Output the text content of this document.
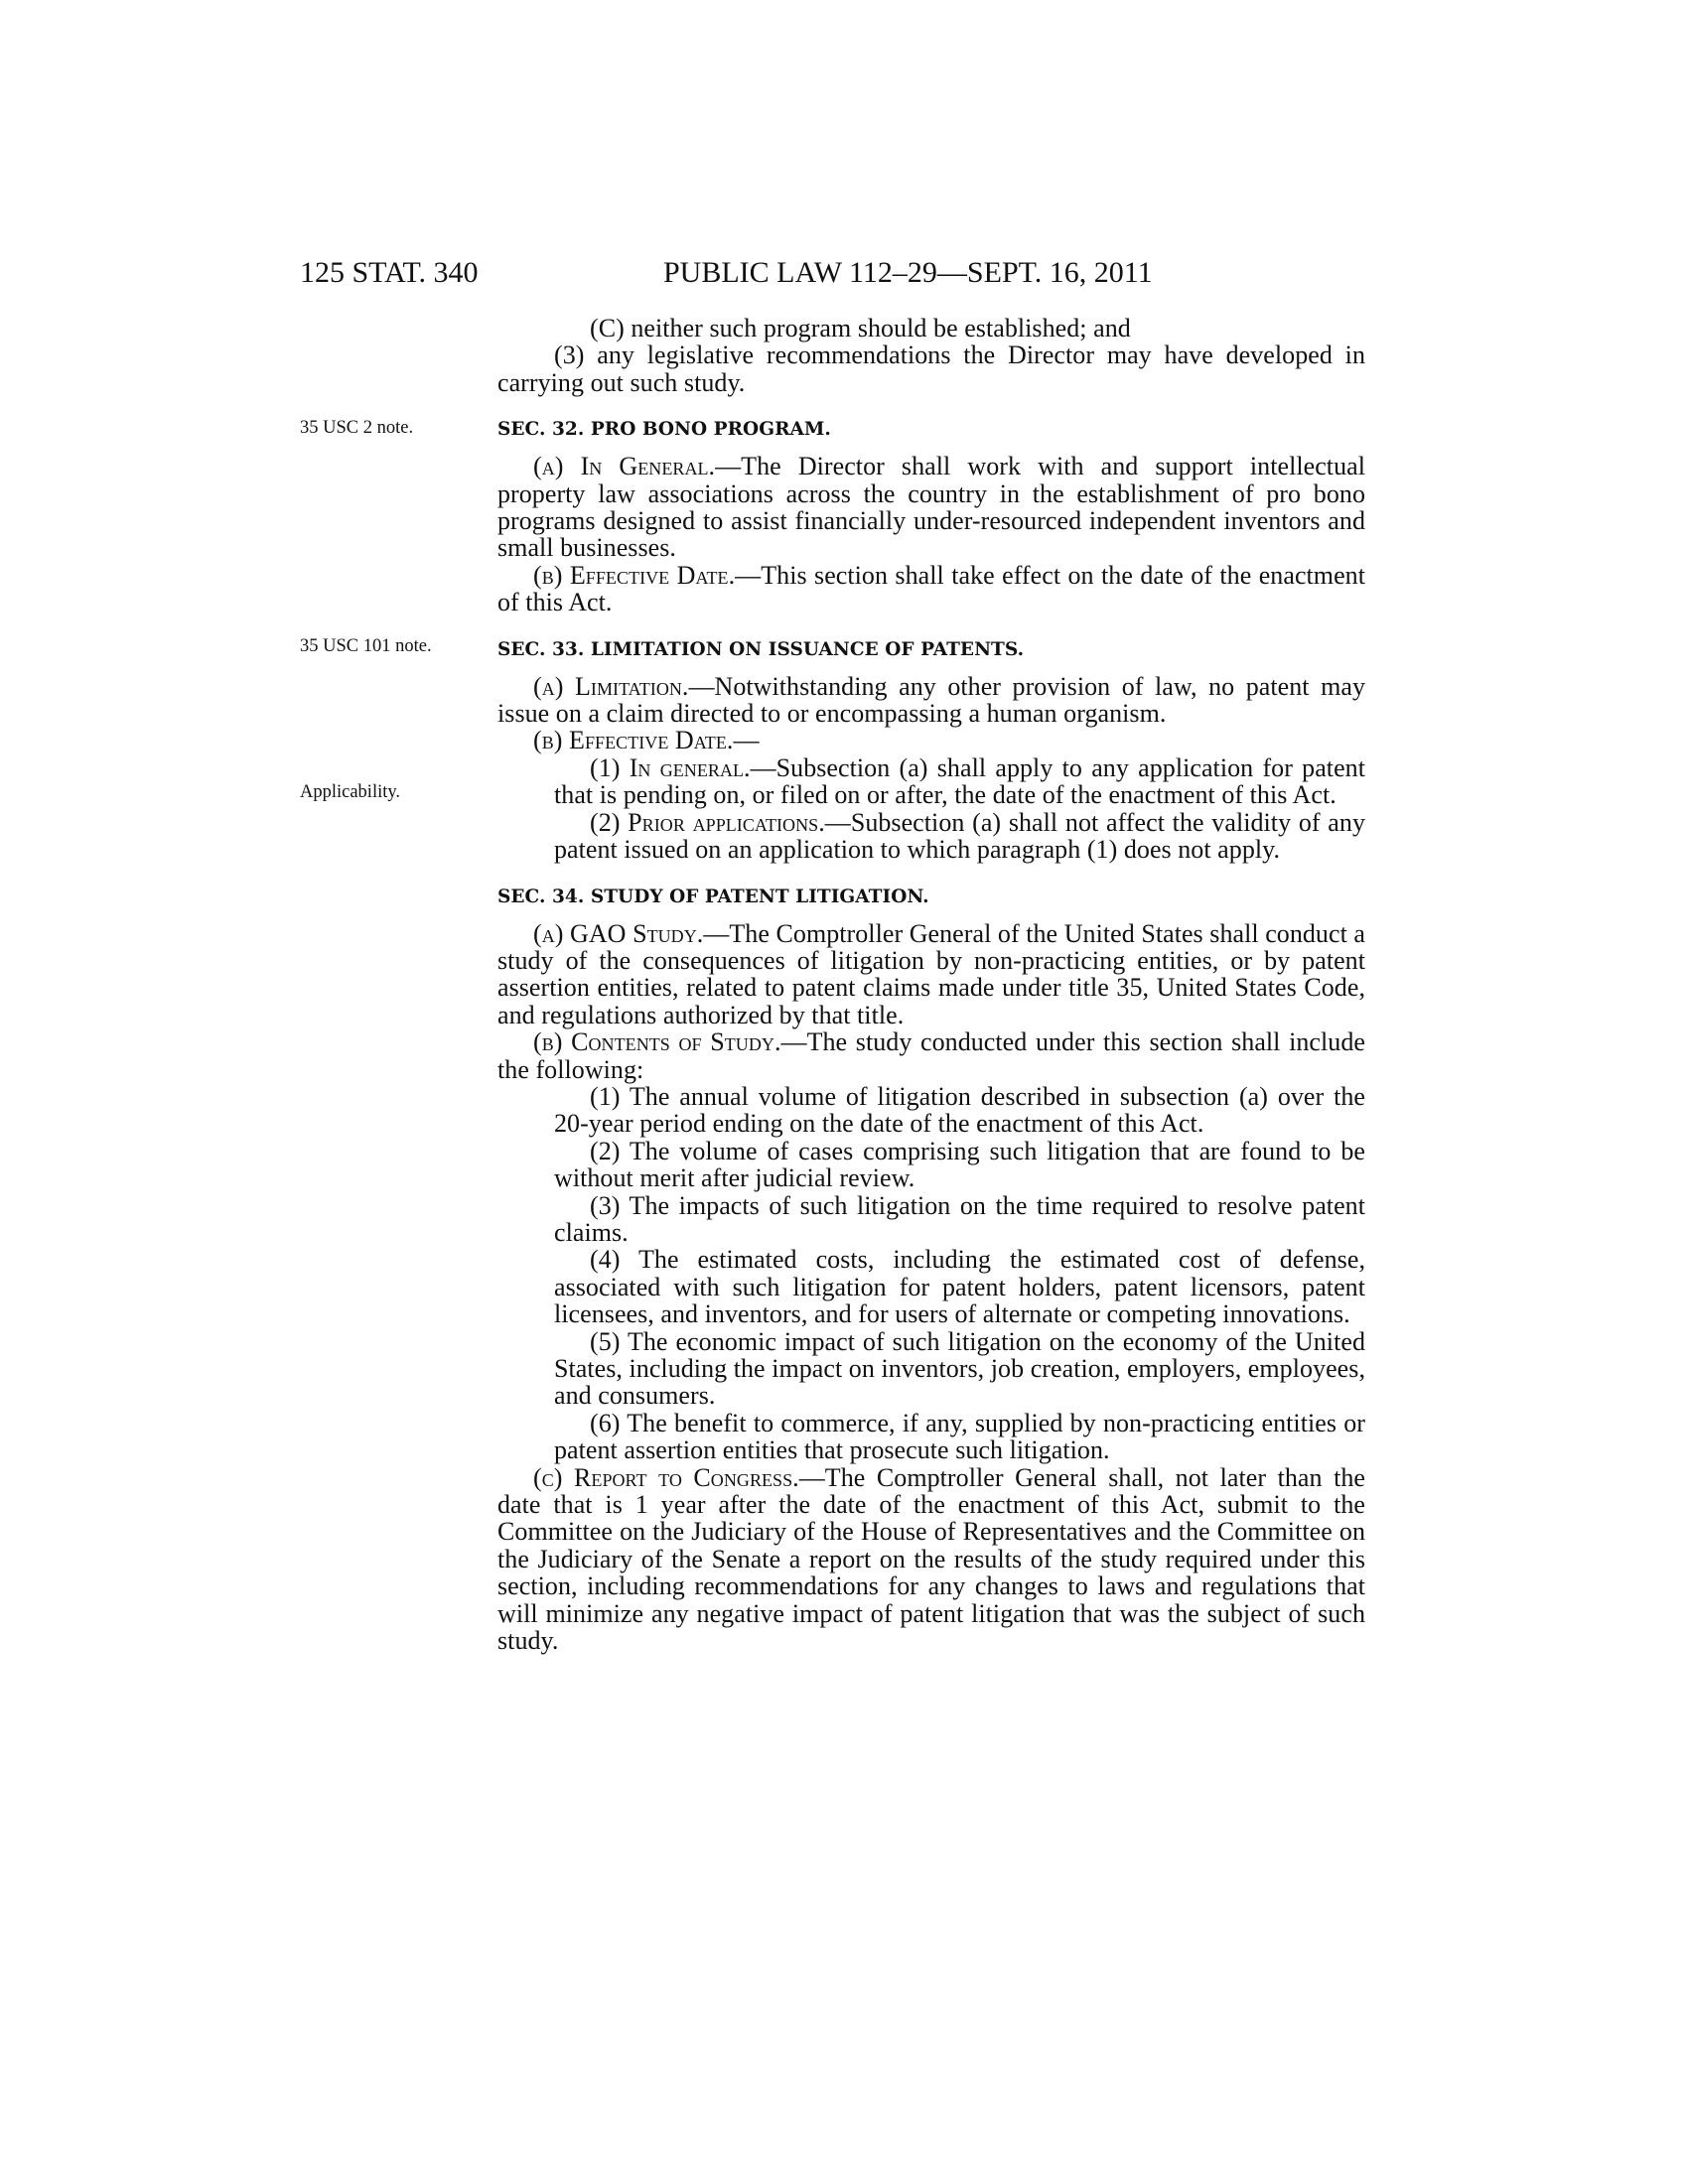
125 STAT. 340	PUBLIC LAW 112–29—SEPT. 16, 2011
35 USC 2 note.
35 USC 101 note.
Applicability.

(C) neither such program should be established; and

(3) any legislative recommendations the Director may have developed in carrying out such study.

SEC. 32. PRO BONO PROGRAM.

(a) In General.—The Director shall work with and support intellectual property law associations across the country in the establishment of pro bono programs designed to assist financially under-resourced independent inventors and small businesses.

(b) Effective Date.—This section shall take effect on the date of the enactment of this Act.

SEC. 33. LIMITATION ON ISSUANCE OF PATENTS.

(a) Limitation.—Notwithstanding any other provision of law, no patent may issue on a claim directed to or encompassing a human organism.

(b) Effective Date.—

(1) In general.—Subsection (a) shall apply to any application for patent that is pending on, or filed on or after, the date of the enactment of this Act.

(2) Prior applications.—Subsection (a) shall not affect the validity of any patent issued on an application to which paragraph (1) does not apply.

SEC. 34. STUDY OF PATENT LITIGATION.

(a) GAO Study.—The Comptroller General of the United States shall conduct a study of the consequences of litigation by non-practicing entities, or by patent assertion entities, related to patent claims made under title 35, United States Code, and regulations authorized by that title.

(b) Contents of Study.—The study conducted under this section shall include the following:

(1) The annual volume of litigation described in subsection (a) over the 20-year period ending on the date of the enactment of this Act.

(2) The volume of cases comprising such litigation that are found to be without merit after judicial review.

(3) The impacts of such litigation on the time required to resolve patent claims.

(4) The estimated costs, including the estimated cost of defense, associated with such litigation for patent holders, patent licensors, patent licensees, and inventors, and for users of alternate or competing innovations.

(5) The economic impact of such litigation on the economy of the United States, including the impact on inventors, job creation, employers, employees, and consumers.

(6) The benefit to commerce, if any, supplied by non-practicing entities or patent assertion entities that prosecute such litigation.

(c) Report to Congress.—The Comptroller General shall, not later than the date that is 1 year after the date of the enactment of this Act, submit to the Committee on the Judiciary of the House of Representatives and the Committee on the Judiciary of the Senate a report on the results of the study required under this section, including recommendations for any changes to laws and regulations that will minimize any negative impact of patent litigation that was the subject of such study.
